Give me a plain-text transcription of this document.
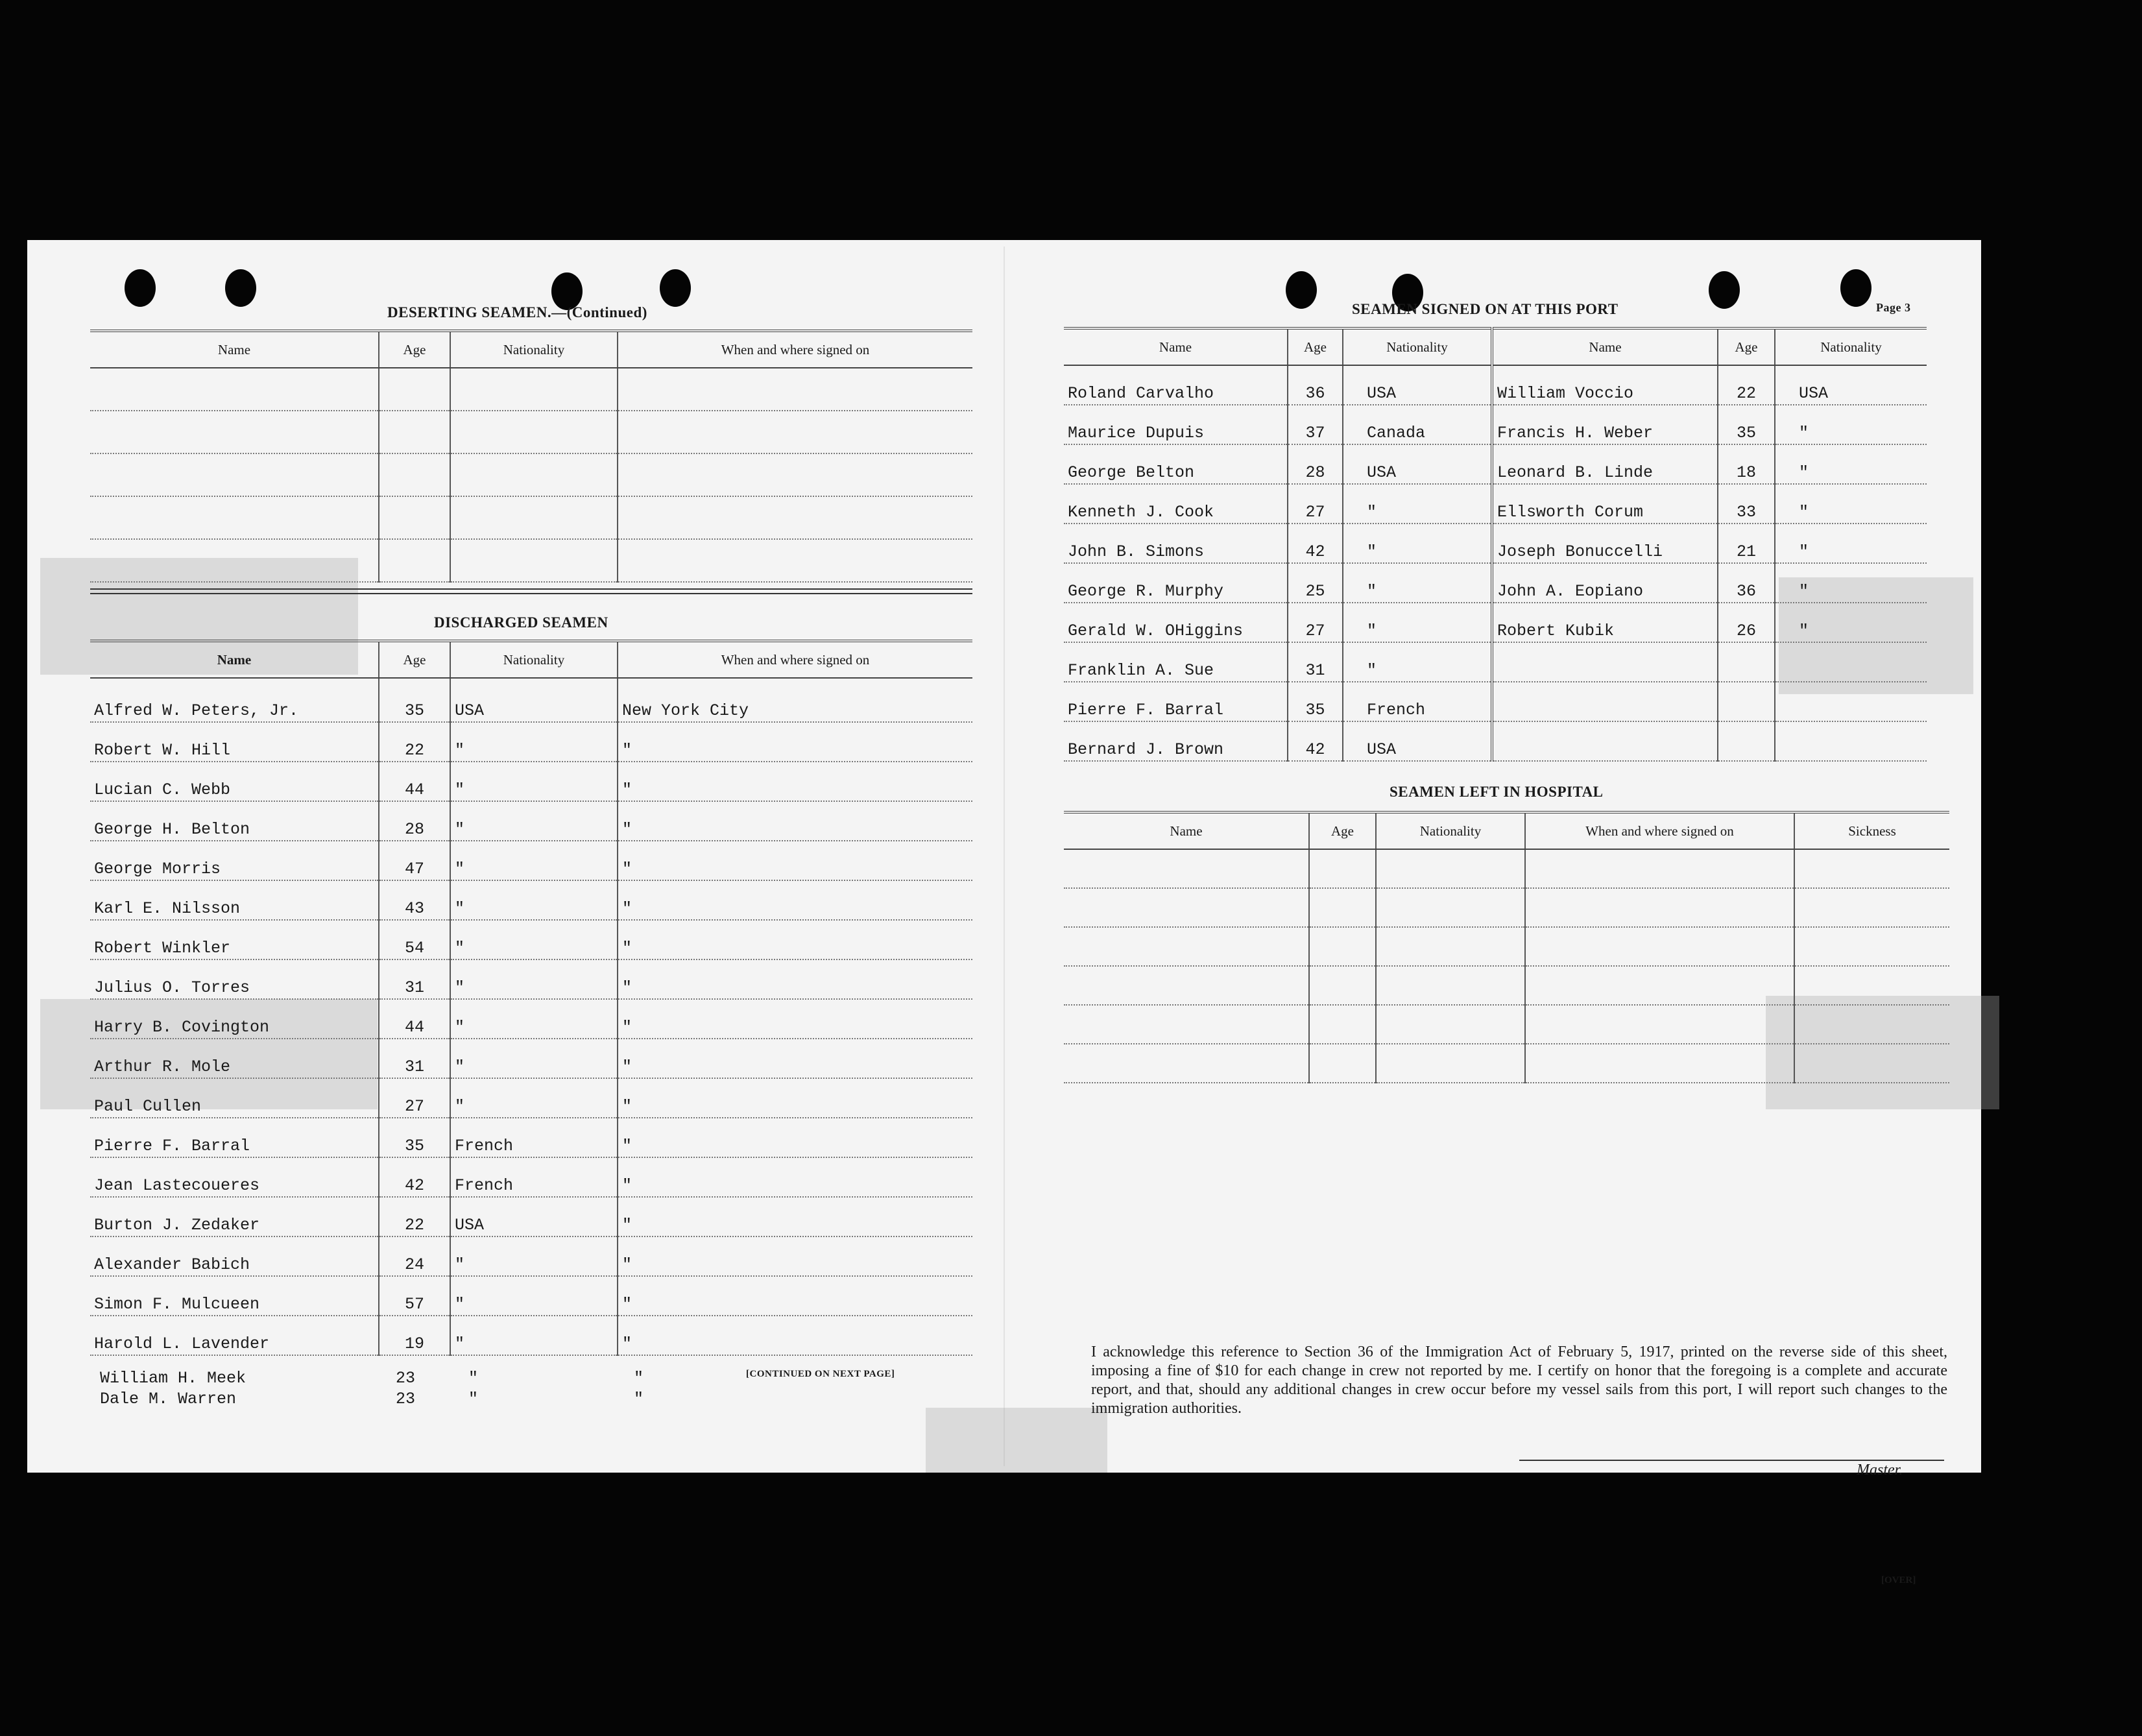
DESERTING SEAMEN.—(Continued)
Name	Age	Nationality	When and where signed on

DISCHARGED SEAMEN
Name	Age	Nationality	When and where signed on
Alfred W. Peters, Jr.	35	USA	New York City
Robert W. Hill	22	"	"
Lucian C. Webb	44	"	"
George H. Belton	28	"	"
George Morris	47	"	"
Karl E. Nilsson	43	"	"
Robert Winkler	54	"	"
Julius O. Torres	31	"	"
Harry B. Covington	44	"	"
Arthur R. Mole	31	"	"
Paul Cullen	27	"	"
Pierre F. Barral	35	French	"
Jean Lastecoueres	42	French	"
Burton J. Zedaker	22	USA	"
Alexander Babich	24	"	"
Simon F. Mulcueen	57	"	"
Harold L. Lavender	19	"	"
William H. Meek	23	"	"
Dale M. Warren	23	"	"
[CONTINUED ON NEXT PAGE]
SEAMEN SIGNED ON AT THIS PORT	Page 3
Name	Age	Nationality	Name	Age	Nationality
Roland Carvalho	36	USA	William Voccio	22	USA
Maurice Dupuis	37	Canada	Francis H. Weber	35	"
George Belton	28	USA	Leonard B. Linde	18	"
Kenneth J. Cook	27	"	Ellsworth Corum	33	"
John B. Simons	42	"	Joseph Bonuccelli	21	"
George R. Murphy	25	"	John A. Eopiano	36	"
Gerald W. OHiggins	27	"	Robert Kubik	26	"
Franklin A. Sue	31	"			
Pierre F. Barral	35	French			
Bernard J. Brown	42	USA			
SEAMEN LEFT IN HOSPITAL
Name	Age	Nationality	When and where signed on	Sickness

I acknowledge this reference to Section 36 of the Immigration Act of February 5, 1917, printed on the reverse side of this sheet, imposing a fine of $10 for each change in crew not reported by me. I certify on honor that the foregoing is a complete and accurate report, and that, should any additional changes in crew occur before my vessel sails from this port, I will report such changes to the immigration authorities.
Master.
[OVER]
